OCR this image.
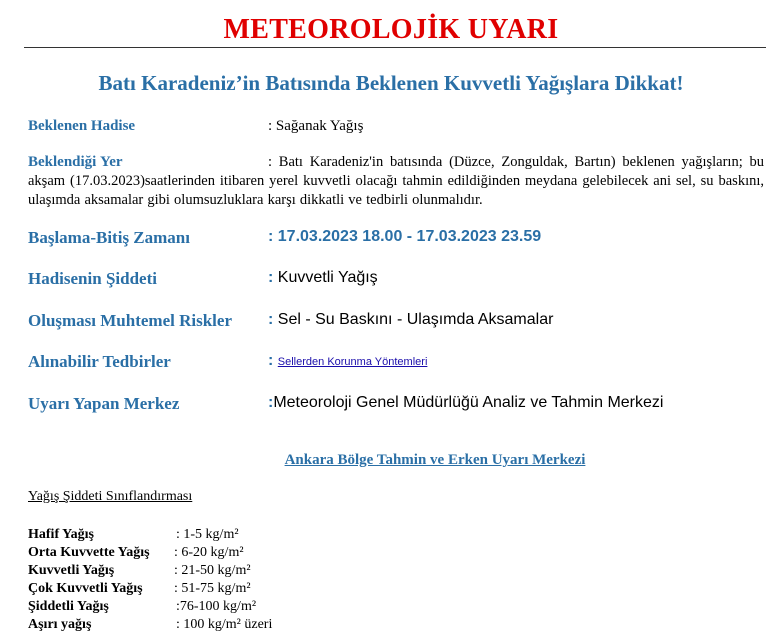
METEOROLOJİK UYARI
Batı Karadeniz’in Batısında Beklenen Kuvvetli Yağışlara Dikkat!
Beklenen Hadise	: Sağanak Yağış
Beklendiği Yer	: Batı Karadeniz'in batısında (Düzce, Zonguldak, Bartın) beklenen yağışların; bu akşam (17.03.2023)saatlerinden itibaren yerel kuvvetli olacağı tahmin edildiğinden meydana gelebilecek ani sel, su baskını, ulaşımda aksamalar gibi olumsuzluklara karşı dikkatli ve tedbirli olunmalıdır.
Başlama-Bitiş Zamanı	: 17.03.2023 18.00 - 17.03.2023 23.59
Hadisenin Şiddeti	: Kuvvetli Yağış
Oluşması Muhtemel Riskler : Sel - Su Baskını - Ulaşımda Aksamalar
Alınabilir Tedbirler	: Sellerden Korunma Yöntemleri
Uyarı Yapan Merkez	:Meteoroloji Genel Müdürlüğü Analiz ve Tahmin Merkezi
Ankara Bölge Tahmin ve Erken Uyarı Merkezi
Yağış Şiddeti Sınıflandırması
Hafif Yağış	: 1-5 kg/m²
Orta Kuvvette Yağış : 6-20 kg/m²
Kuvvetli Yağış	: 21-50 kg/m²
Çok Kuvvetli Yağış : 51-75 kg/m²
Şiddetli Yağış	:76-100 kg/m²
Aşırı yağış	: 100 kg/m² üzeri
